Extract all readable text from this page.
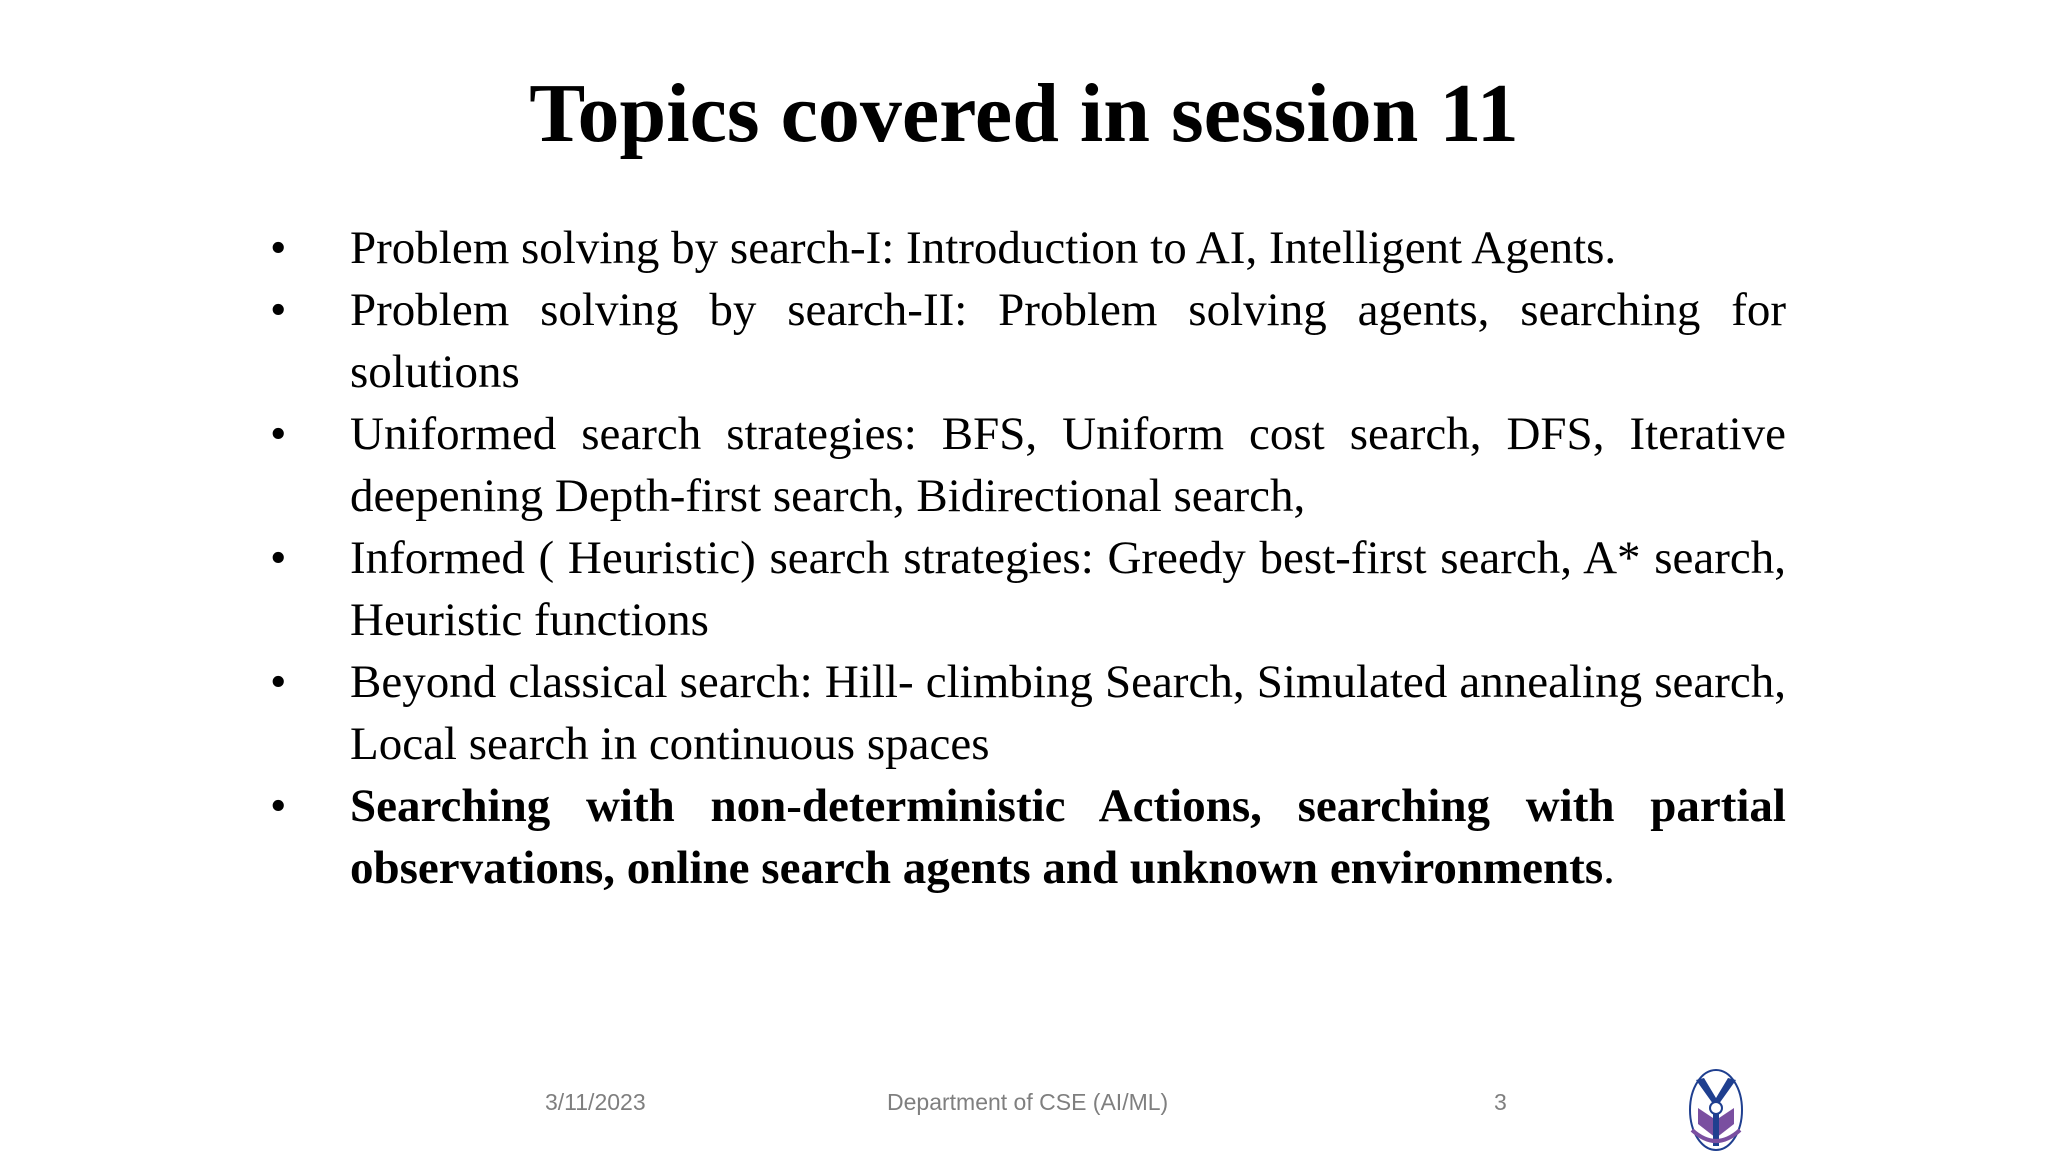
Topics covered in session 11
•	Problem solving by search-I: Introduction to AI, Intelligent Agents.
•	Problem solving by search-II: Problem solving agents, searching for solutions
•	Uniformed search strategies: BFS, Uniform cost search, DFS, Iterative deepening Depth-first search, Bidirectional search,
•	Informed ( Heuristic) search strategies: Greedy best-first search, A* search, Heuristic functions
•	Beyond classical search: Hill- climbing Search, Simulated annealing search, Local search in continuous spaces
•	Searching with non-deterministic Actions, searching with partial observations, online search agents and unknown environments.
3/11/2023	Department of CSE (AI/ML)	3
